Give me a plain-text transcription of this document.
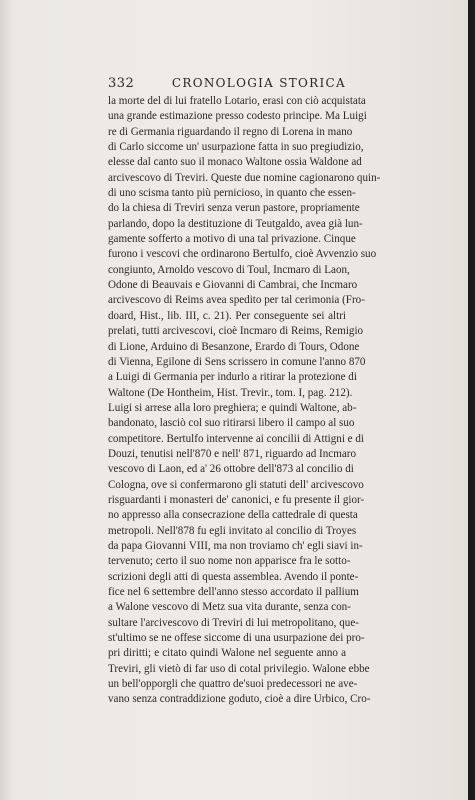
332	CRONOLOGIA STORICA
la morte del di lui fratello Lotario, erasi con ciò acquistata
una grande estimazione presso codesto principe. Ma Luigi
re di Germania riguardando il regno di Lorena in mano
di Carlo siccome un' usurpazione fatta in suo pregiudizio,
elesse dal canto suo il monaco Waltone ossia Waldone ad
arcivescovo di Treviri. Queste due nomine cagionarono quin-
di uno scisma tanto più pernicioso, in quanto che essen-
do la chiesa di Treviri senza verun pastore, propriamente
parlando, dopo la destituzione di Teutgaldo, avea già lun-
gamente sofferto a motivo di una tal privazione. Cinque
furono i vescovi che ordinarono Bertulfo, cioè Avvenzio suo
congiunto, Arnoldo vescovo di Toul, Incmaro di Laon,
Odone di Beauvais e Giovanni di Cambrai, che Incmaro
arcivescovo di Reims avea spedito per tal cerimonia (Fro-
doard, Hist., lib. III, c. 21). Per conseguente sei altri
prelati, tutti arcivescovi, cioè Incmaro di Reims, Remigio
di Lione, Arduino di Besanzone, Erardo di Tours, Odone
di Vienna, Egilone di Sens scrissero in comune l'anno 870
a Luigi di Germania per indurlo a ritirar la protezione di
Waltone (De Hontheim, Hist. Trevir., tom. I, pag. 212).
Luigi si arrese alla loro preghiera; e quindi Waltone, ab-
bandonato, lasciò col suo ritirarsi libero il campo al suo
competitore. Bertulfo intervenne ai concilii di Attigni e di
Douzi, tenutisi nell'870 e nell' 871, riguardo ad Incmaro
vescovo di Laon, ed a' 26 ottobre dell'873 al concilio di
Cologna, ove si confermarono gli statuti dell' arcivescovo
risguardanti i monasteri de' canonici, e fu presente il gior-
no appresso alla consecrazione della cattedrale di questa
metropoli. Nell'878 fu egli invitato al concilio di Troyes
da papa Giovanni VIII, ma non troviamo ch' egli siavi in-
tervenuto; certo il suo nome non apparisce fra le sotto-
scrizioni degli atti di questa assemblea. Avendo il ponte-
fice nel 6 settembre dell'anno stesso accordato il pallium
a Walone vescovo di Metz sua vita durante, senza con-
sultare l'arcivescovo di Treviri di lui metropolitano, que-
st'ultimo se ne offese siccome di una usurpazione dei pro-
pri diritti; e citato quindi Walone nel seguente anno a
Treviri, gli vietò di far uso di cotal privilegio. Walone ebbe
un bell'opporgli che quattro de'suoi predecessori ne ave-
vano senza contraddizione goduto, cioè a dire Urbico, Cro-
